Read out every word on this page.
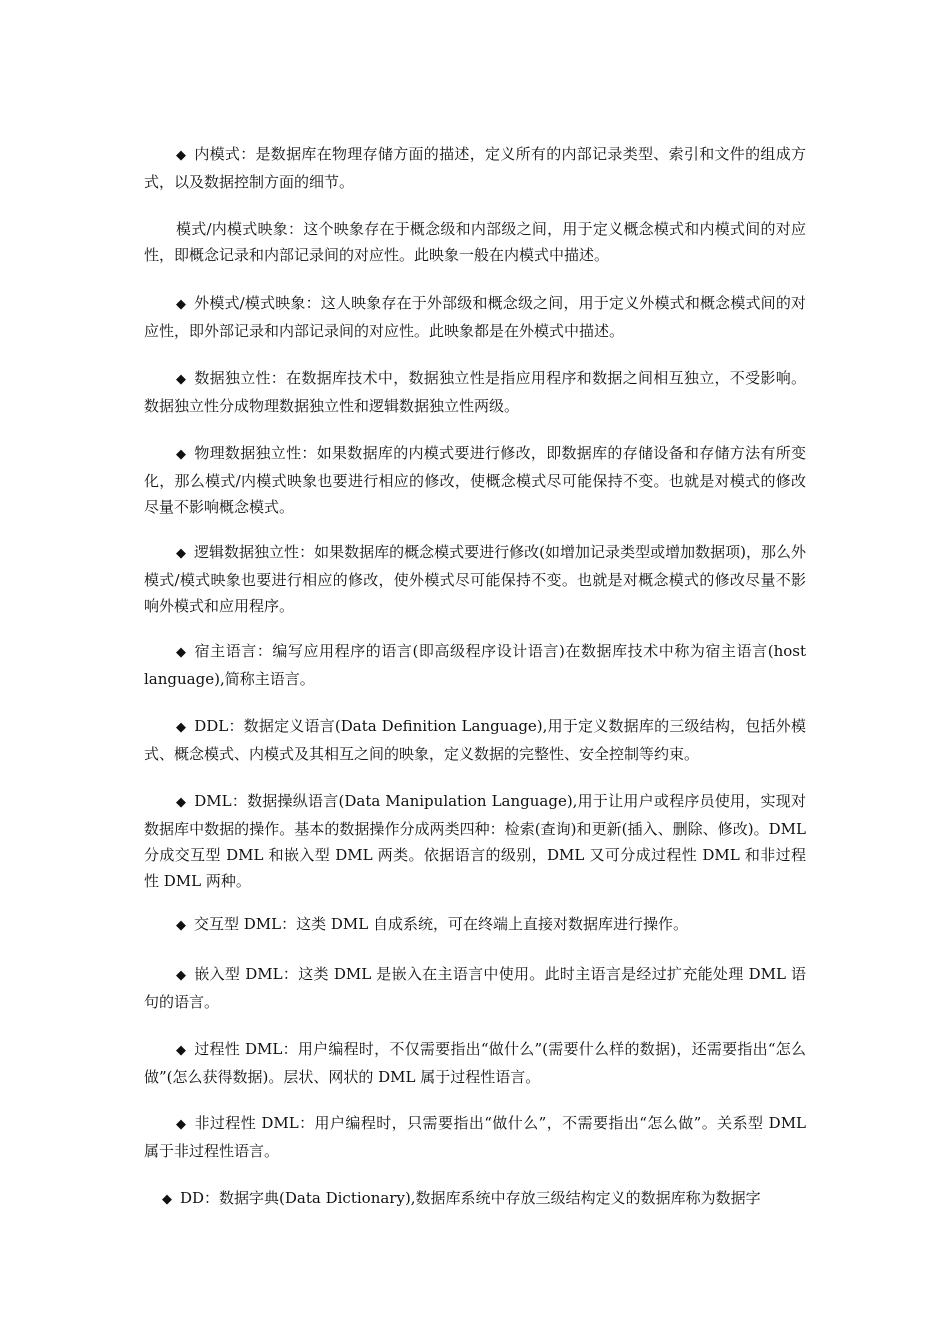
◆ 内模式：是数据库在物理存储方面的描述，定义所有的内部记录类型、索引和文件的组成方式，以及数据控制方面的细节。

模式/内模式映象：这个映象存在于概念级和内部级之间，用于定义概念模式和内模式间的对应性，即概念记录和内部记录间的对应性。此映象一般在内模式中描述。

◆ 外模式/模式映象：这人映象存在于外部级和概念级之间，用于定义外模式和概念模式间的对应性，即外部记录和内部记录间的对应性。此映象都是在外模式中描述。

◆ 数据独立性：在数据库技术中，数据独立性是指应用程序和数据之间相互独立，不受影响。数据独立性分成物理数据独立性和逻辑数据独立性两级。

◆ 物理数据独立性：如果数据库的内模式要进行修改，即数据库的存储设备和存储方法有所变化，那么模式/内模式映象也要进行相应的修改，使概念模式尽可能保持不变。也就是对模式的修改尽量不影响概念模式。

◆ 逻辑数据独立性：如果数据库的概念模式要进行修改(如增加记录类型或增加数据项)，那么外模式/模式映象也要进行相应的修改，使外模式尽可能保持不变。也就是对概念模式的修改尽量不影响外模式和应用程序。

◆ 宿主语言：编写应用程序的语言(即高级程序设计语言)在数据库技术中称为宿主语言(host language),简称主语言。

◆ DDL：数据定义语言(Data Definition Language),用于定义数据库的三级结构，包括外模式、概念模式、内模式及其相互之间的映象，定义数据的完整性、安全控制等约束。

◆ DML：数据操纵语言(Data Manipulation Language),用于让用户或程序员使用，实现对数据库中数据的操作。基本的数据操作分成两类四种：检索(查询)和更新(插入、删除、修改)。DML 分成交互型 DML 和嵌入型 DML 两类。依据语言的级别，DML 又可分成过程性 DML 和非过程性 DML 两种。

◆ 交互型 DML：这类 DML 自成系统，可在终端上直接对数据库进行操作。

◆ 嵌入型 DML：这类 DML 是嵌入在主语言中使用。此时主语言是经过扩充能处理 DML 语句的语言。

◆ 过程性 DML：用户编程时，不仅需要指出“做什么”(需要什么样的数据)，还需要指出“怎么做”(怎么获得数据)。层状、网状的 DML 属于过程性语言。

◆ 非过程性 DML：用户编程时，只需要指出“做什么”，不需要指出“怎么做”。关系型 DML 属于非过程性语言。

◆ DD：数据字典(Data Dictionary),数据库系统中存放三级结构定义的数据库称为数据字
